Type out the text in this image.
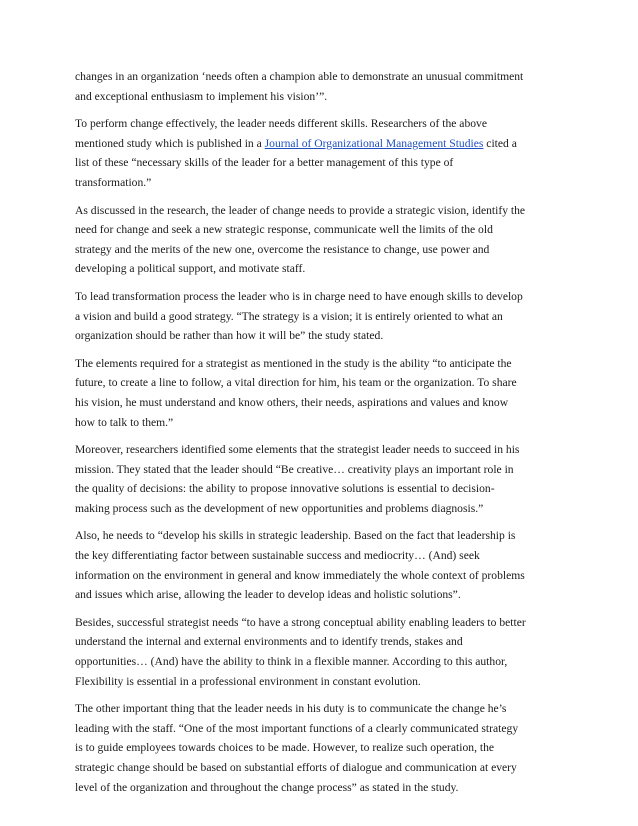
changes in an organization ‘needs often a champion able to demonstrate an unusual commitment
and exceptional enthusiasm to implement his vision’”.

To perform change effectively, the leader needs different skills. Researchers of the above
mentioned study which is published in a Journal of Organizational Management Studies cited a
list of these “necessary skills of the leader for a better management of this type of
transformation.”

As discussed in the research, the leader of change needs to provide a strategic vision, identify the
need for change and seek a new strategic response, communicate well the limits of the old
strategy and the merits of the new one, overcome the resistance to change, use power and
developing a political support, and motivate staff.

To lead transformation process the leader who is in charge need to have enough skills to develop
a vision and build a good strategy. “The strategy is a vision; it is entirely oriented to what an
organization should be rather than how it will be” the study stated.

The elements required for a strategist as mentioned in the study is the ability “to anticipate the
future, to create a line to follow, a vital direction for him, his team or the organization. To share
his vision, he must understand and know others, their needs, aspirations and values and know
how to talk to them.”

Moreover, researchers identified some elements that the strategist leader needs to succeed in his
mission. They stated that the leader should “Be creative… creativity plays an important role in
the quality of decisions: the ability to propose innovative solutions is essential to decision-
making process such as the development of new opportunities and problems diagnosis.”

Also, he needs to “develop his skills in strategic leadership. Based on the fact that leadership is
the key differentiating factor between sustainable success and mediocrity… (And) seek
information on the environment in general and know immediately the whole context of problems
and issues which arise, allowing the leader to develop ideas and holistic solutions”.

Besides, successful strategist needs “to have a strong conceptual ability enabling leaders to better
understand the internal and external environments and to identify trends, stakes and
opportunities… (And) have the ability to think in a flexible manner. According to this author,
Flexibility is essential in a professional environment in constant evolution.

The other important thing that the leader needs in his duty is to communicate the change he’s
leading with the staff. “One of the most important functions of a clearly communicated strategy
is to guide employees towards choices to be made. However, to realize such operation, the
strategic change should be based on substantial efforts of dialogue and communication at every
level of the organization and throughout the change process” as stated in the study.
